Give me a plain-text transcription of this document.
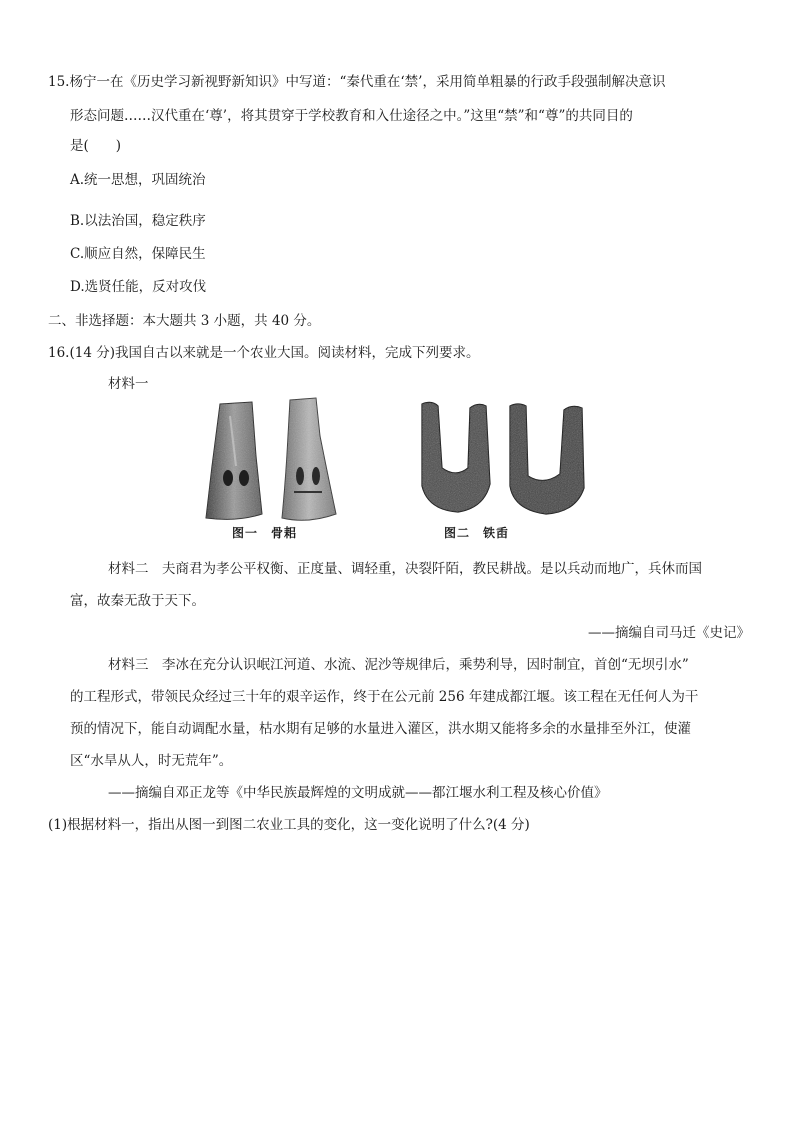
15.杨宁一在《历史学习新视野新知识》中写道：“秦代重在‘禁’，采用简单粗暴的行政手段强制解决意识
形态问题……汉代重在‘尊’，将其贯穿于学校教育和入仕途径之中。”这里“禁”和“尊”的共同目的
是(　　)
A.统一思想，巩固统治
B.以法治国，稳定秩序
C.顺应自然，保障民生
D.选贤任能，反对攻伐
二、非选择题：本大题共 3 小题，共 40 分。
16.(14 分)我国自古以来就是一个农业大国。阅读材料，完成下列要求。
材料一
图一　骨耜	图二　铁臿
材料二　夫商君为孝公平权衡、正度量、调轻重，决裂阡陌，教民耕战。是以兵动而地广，兵休而国
富，故秦无敌于天下。
——摘编自司马迁《史记》
材料三　李冰在充分认识岷江河道、水流、泥沙等规律后，乘势利导，因时制宜，首创“无坝引水”
的工程形式，带领民众经过三十年的艰辛运作，终于在公元前 256 年建成都江堰。该工程在无任何人为干
预的情况下，能自动调配水量，枯水期有足够的水量进入灌区，洪水期又能将多余的水量排至外江，使灌
区“水旱从人，时无荒年”。
——摘编自邓正龙等《中华民族最辉煌的文明成就——都江堰水利工程及核心价值》
(1)根据材料一，指出从图一到图二农业工具的变化，这一变化说明了什么?(4 分)
